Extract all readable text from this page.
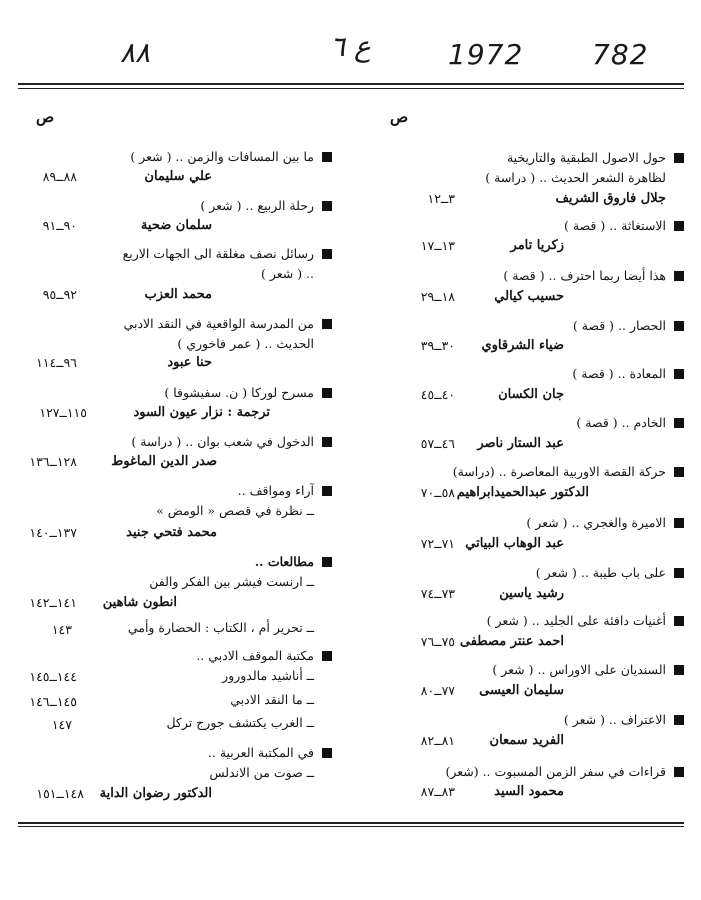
782
1972
ع ٦
٨٨
ص
ص
حول الاصول الطبقية والتاريخية
لظاهرة الشعر الحديث .. ( دراسة )
جلال فاروق الشريف
٣ــ١٢
الاستغاثة .. ( قصة )
زكريا تامر
١٣ــ١٧
هذا أيضا ربما احترف .. ( قصة )
حسيب كيالي
١٨ــ٢٩
الحصار .. ( قصة )
ضياء الشرقاوي
٣٠ــ٣٩
المعادة .. ( قصة )
جان الكسان
٤٠ــ٤٥
الخادم .. ( قصة )
عبد الستار ناصر
٤٦ــ٥٧
حركة القصة الاوربية المعاصرة .. (دراسة)
الدكتور عبدالحميدابراهيم
٥٨ــ٧٠
الاميرة والغجري .. ( شعر )
عبد الوهاب البياتي
٧١ــ٧٢
على باب طيبة .. ( شعر )
رشيد ياسين
٧٣ــ٧٤
أغنيات دافئة على الجليد .. ( شعر )
احمد عنتر مصطفى
٧٥ــ٧٦
السنديان على الاوراس .. ( شعر )
سليمان العيسى
٧٧ــ٨٠
الاعتراف .. ( شعر )
الفريد سمعان
٨١ــ٨٢
قراءات في سفر الزمن المسبوت .. (شعر)
محمود السيد
٨٣ــ٨٧
ما بين المسافات والزمن .. ( شعر )
علي سليمان
٨٨ــ٨٩
رحلة الربيع .. ( شعر )
سلمان ضحية
٩٠ــ٩١
رسائل نصف مغلقة الى الجهات الاربع
.. ( شعر )
محمد العزب
٩٢ــ٩٥
من المدرسة الواقعية في النقد الادبي
الحديث .. ( عمر فاخوري )
حنا عبود
٩٦ــ١١٤
مسرح لوركا ( ن. سفيشوفا )
ترجمة : نزار عيون السود
١١٥ــ١٢٧
الدخول في شعب بوان .. ( دراسة )
صدر الدين الماغوط
١٢٨ــ١٣٦
آراء ومواقف ..
ــ نظرة في قصص « الومض »
محمد فتحي جنيد
١٣٧ــ١٤٠
مطالعات ..
ــ ارنست فيشر بين الفكر والفن
انطون شاهين
١٤١ــ١٤٢
ــ تحرير أم ، الكتاب : الحضارة وأمي
١٤٣
مكتبة الموقف الادبي ..
ــ أناشيد مالدورور
١٤٤ــ١٤٥
ــ ما النقد الادبي
١٤٥ــ١٤٦
ــ الغرب يكتشف جورج تركل
١٤٧
في المكتبة العربية ..
ــ صوت من الاندلس
الدكتور رضوان الداية
١٤٨ــ١٥١
